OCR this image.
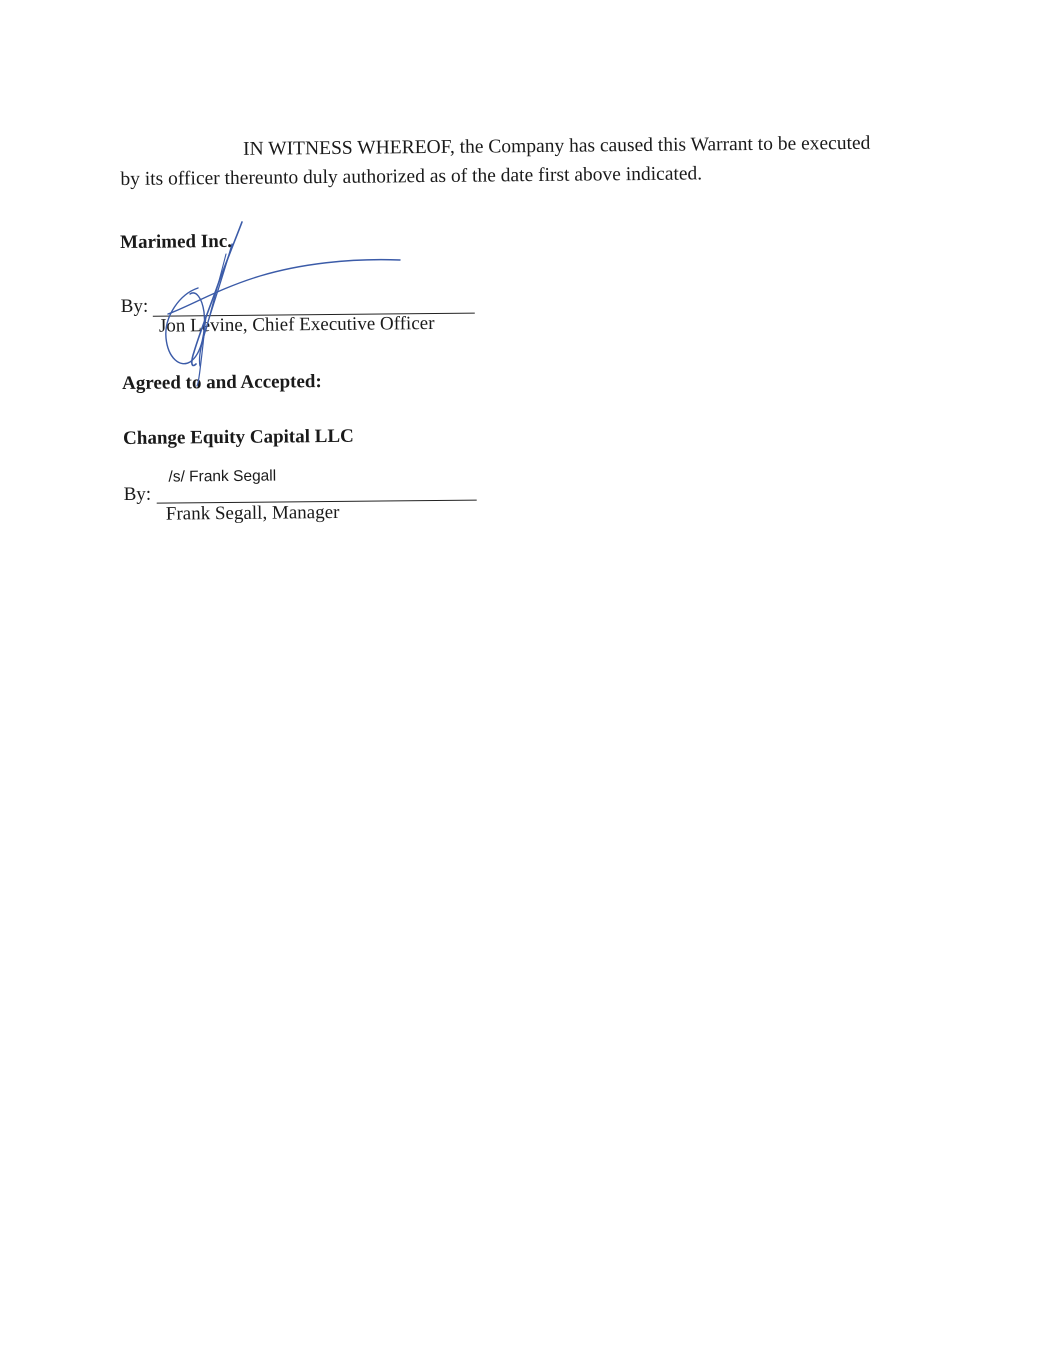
IN WITNESS WHEREOF, the Company has caused this Warrant to be executed
by its officer thereunto duly authorized as of the date first above indicated.
Marimed Inc.
By:
Jon Levine, Chief Executive Officer
Agreed to and Accepted:
Change Equity Capital LLC
/s/ Frank Segall
By:
Frank Segall, Manager
